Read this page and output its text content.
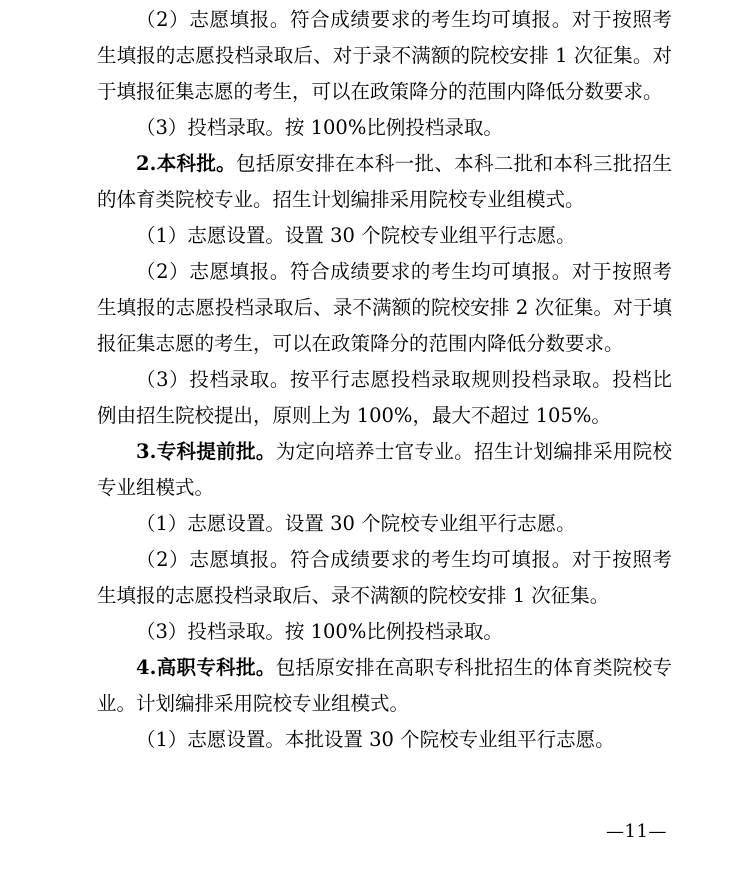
（2）志愿填报。符合成绩要求的考生均可填报。对于按照考生填报的志愿投档录取后、对于录不满额的院校安排 1 次征集。对于填报征集志愿的考生，可以在政策降分的范围内降低分数要求。

（3）投档录取。按 100%比例投档录取。

2.本科批。包括原安排在本科一批、本科二批和本科三批招生的体育类院校专业。招生计划编排采用院校专业组模式。

（1）志愿设置。设置 30 个院校专业组平行志愿。

（2）志愿填报。符合成绩要求的考生均可填报。对于按照考生填报的志愿投档录取后、录不满额的院校安排 2 次征集。对于填报征集志愿的考生，可以在政策降分的范围内降低分数要求。

（3）投档录取。按平行志愿投档录取规则投档录取。投档比例由招生院校提出，原则上为 100%，最大不超过 105%。

3.专科提前批。为定向培养士官专业。招生计划编排采用院校专业组模式。

（1）志愿设置。设置 30 个院校专业组平行志愿。

（2）志愿填报。符合成绩要求的考生均可填报。对于按照考生填报的志愿投档录取后、录不满额的院校安排 1 次征集。

（3）投档录取。按 100%比例投档录取。

4.高职专科批。包括原安排在高职专科批招生的体育类院校专业。计划编排采用院校专业组模式。

（1）志愿设置。本批设置 30 个院校专业组平行志愿。

—11—
